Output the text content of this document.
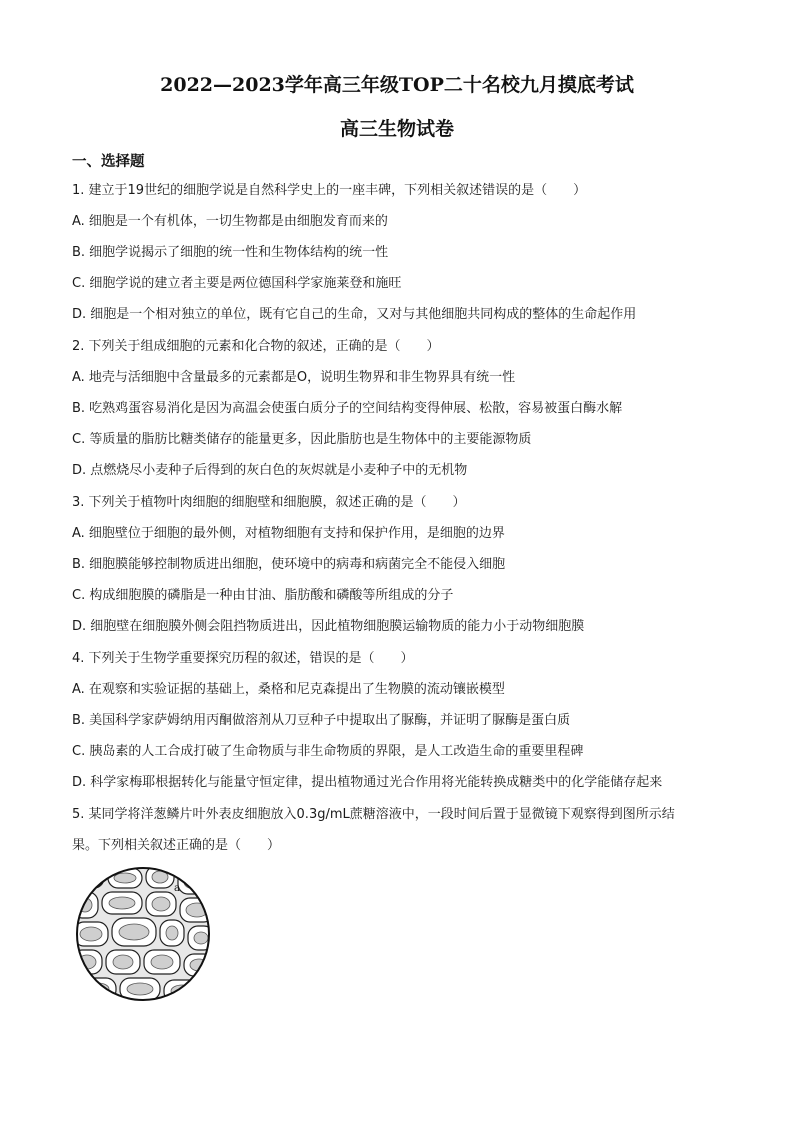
2022—2023学年高三年级TOP二十名校九月摸底考试
高三生物试卷
一、选择题
1. 建立于19世纪的细胞学说是自然科学史上的一座丰碑，下列相关叙述错误的是（　　）
A. 细胞是一个有机体，一切生物都是由细胞发育而来的
B. 细胞学说揭示了细胞的统一性和生物体结构的统一性
C. 细胞学说的建立者主要是两位德国科学家施莱登和施旺
D. 细胞是一个相对独立的单位，既有它自己的生命，又对与其他细胞共同构成的整体的生命起作用
2. 下列关于组成细胞的元素和化合物的叙述，正确的是（　　）
A. 地壳与活细胞中含量最多的元素都是O，说明生物界和非生物界具有统一性
B. 吃熟鸡蛋容易消化是因为高温会使蛋白质分子的空间结构变得伸展、松散，容易被蛋白酶水解
C. 等质量的脂肪比糖类储存的能量更多，因此脂肪也是生物体中的主要能源物质
D. 点燃烧尽小麦种子后得到的灰白色的灰烬就是小麦种子中的无机物
3. 下列关于植物叶肉细胞的细胞壁和细胞膜，叙述正确的是（　　）
A. 细胞壁位于细胞的最外侧，对植物细胞有支持和保护作用，是细胞的边界
B. 细胞膜能够控制物质进出细胞，使环境中的病毒和病菌完全不能侵入细胞
C. 构成细胞膜的磷脂是一种由甘油、脂肪酸和磷酸等所组成的分子
D. 细胞壁在细胞膜外侧会阻挡物质进出，因此植物细胞膜运输物质的能力小于动物细胞膜
4. 下列关于生物学重要探究历程的叙述，错误的是（　　）
A. 在观察和实验证据的基础上，桑格和尼克森提出了生物膜的流动镶嵌模型
B. 美国科学家萨姆纳用丙酮做溶剂从刀豆种子中提取出了脲酶，并证明了脲酶是蛋白质
C. 胰岛素的人工合成打破了生命物质与非生命物质的界限，是人工改造生命的重要里程碑
D. 科学家梅耶根据转化与能量守恒定律，提出植物通过光合作用将光能转换成糖类中的化学能储存起来
5. 某同学将洋葱鳞片叶外表皮细胞放入0.3g/mL蔗糖溶液中，一段时间后置于显微镜下观察得到图所示结
果。下列相关叙述正确的是（　　）
a
